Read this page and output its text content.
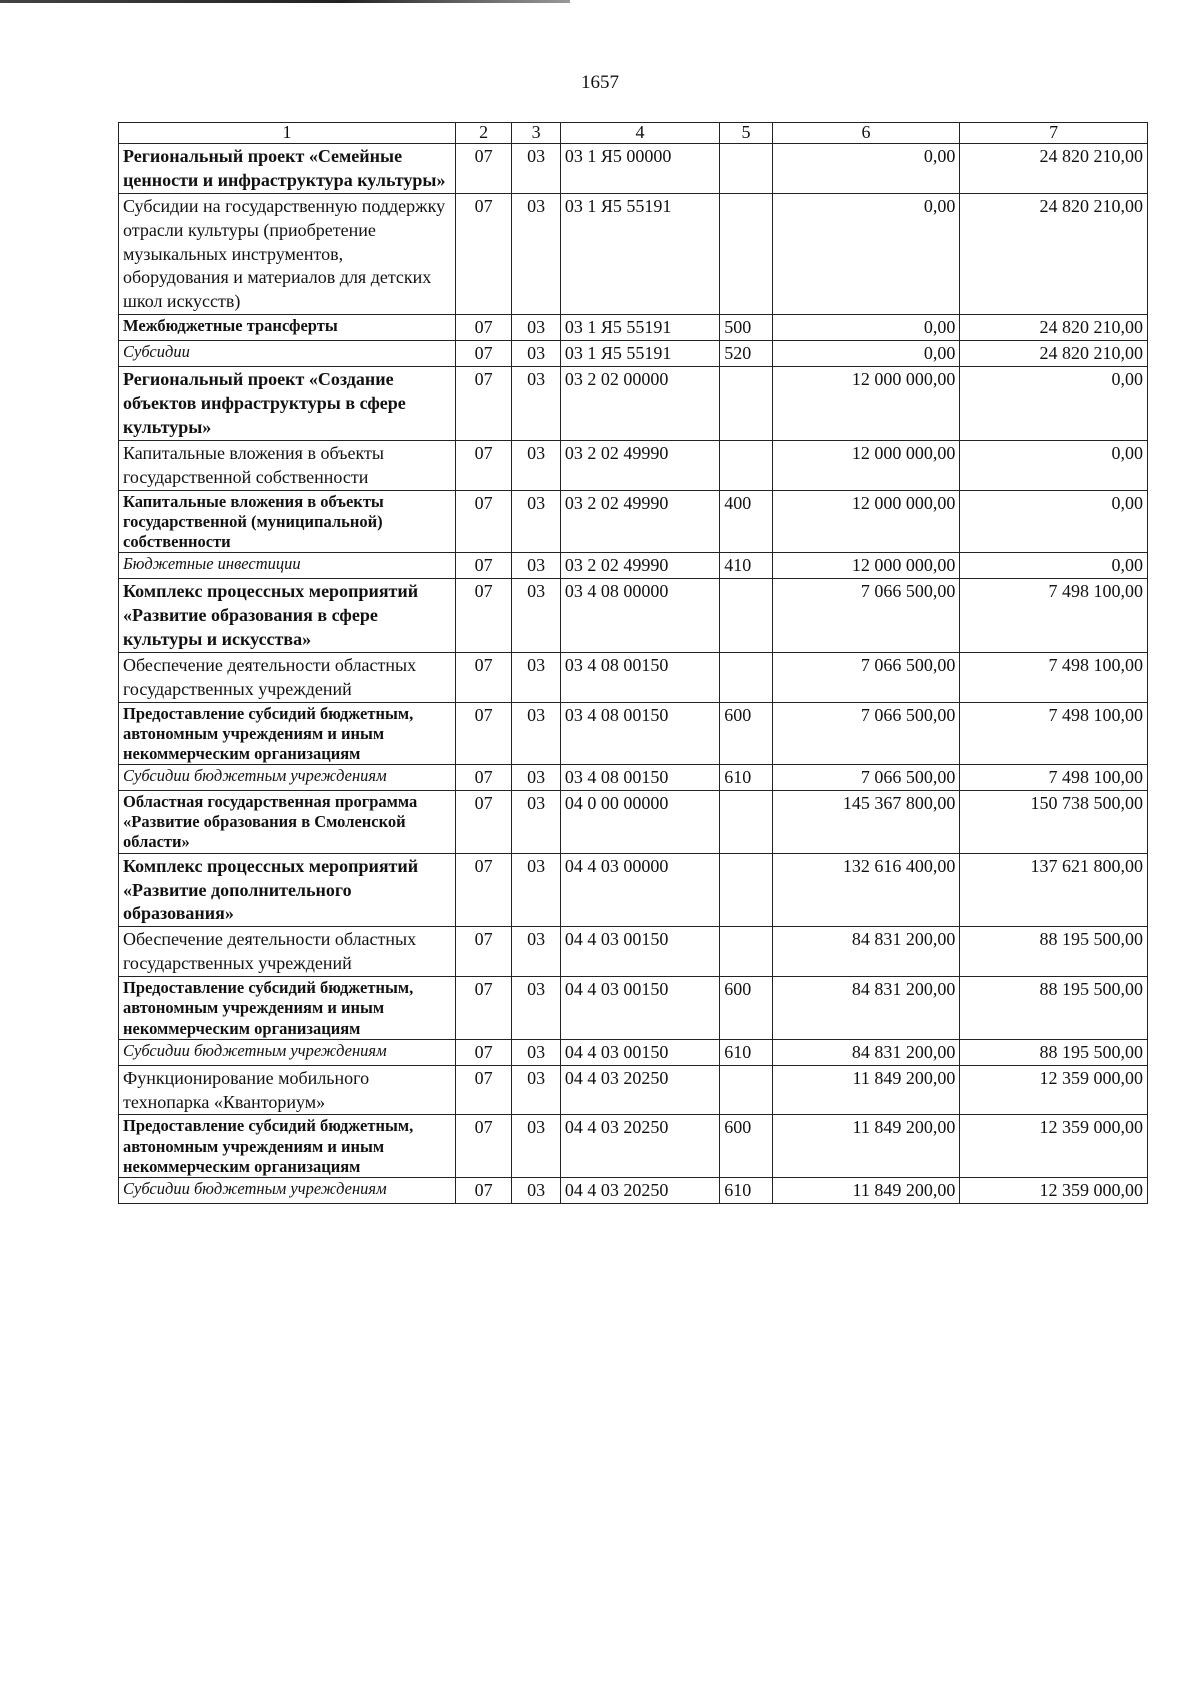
1657
1	2	3	4	5	6	7
Региональный проект «Семейные ценности и инфраструктура культуры»	07	03	03 1 Я5 00000		0,00	24 820 210,00
Субсидии на государственную поддержку отрасли культуры (приобретение музыкальных инструментов, оборудования и материалов для детских школ искусств)	07	03	03 1 Я5 55191		0,00	24 820 210,00
Межбюджетные трансферты	07	03	03 1 Я5 55191	500	0,00	24 820 210,00
Субсидии	07	03	03 1 Я5 55191	520	0,00	24 820 210,00
Региональный проект «Создание объектов инфраструктуры в сфере культуры»	07	03	03 2 02 00000		12 000 000,00	0,00
Капитальные вложения в объекты государственной собственности	07	03	03 2 02 49990		12 000 000,00	0,00
Капитальные вложения в объекты государственной (муниципальной) собственности	07	03	03 2 02 49990	400	12 000 000,00	0,00
Бюджетные инвестиции	07	03	03 2 02 49990	410	12 000 000,00	0,00
Комплекс процессных мероприятий «Развитие образования в сфере культуры и искусства»	07	03	03 4 08 00000		7 066 500,00	7 498 100,00
Обеспечение деятельности областных государственных учреждений	07	03	03 4 08 00150		7 066 500,00	7 498 100,00
Предоставление субсидий бюджетным, автономным учреждениям и иным некоммерческим организациям	07	03	03 4 08 00150	600	7 066 500,00	7 498 100,00
Субсидии бюджетным учреждениям	07	03	03 4 08 00150	610	7 066 500,00	7 498 100,00
Областная государственная программа «Развитие образования в Смоленской области»	07	03	04 0 00 00000		145 367 800,00	150 738 500,00
Комплекс процессных мероприятий «Развитие дополнительного образования»	07	03	04 4 03 00000		132 616 400,00	137 621 800,00
Обеспечение деятельности областных государственных учреждений	07	03	04 4 03 00150		84 831 200,00	88 195 500,00
Предоставление субсидий бюджетным, автономным учреждениям и иным некоммерческим организациям	07	03	04 4 03 00150	600	84 831 200,00	88 195 500,00
Субсидии бюджетным учреждениям	07	03	04 4 03 00150	610	84 831 200,00	88 195 500,00
Функционирование мобильного технопарка «Кванториум»	07	03	04 4 03 20250		11 849 200,00	12 359 000,00
Предоставление субсидий бюджетным, автономным учреждениям и иным некоммерческим организациям	07	03	04 4 03 20250	600	11 849 200,00	12 359 000,00
Субсидии бюджетным учреждениям	07	03	04 4 03 20250	610	11 849 200,00	12 359 000,00
